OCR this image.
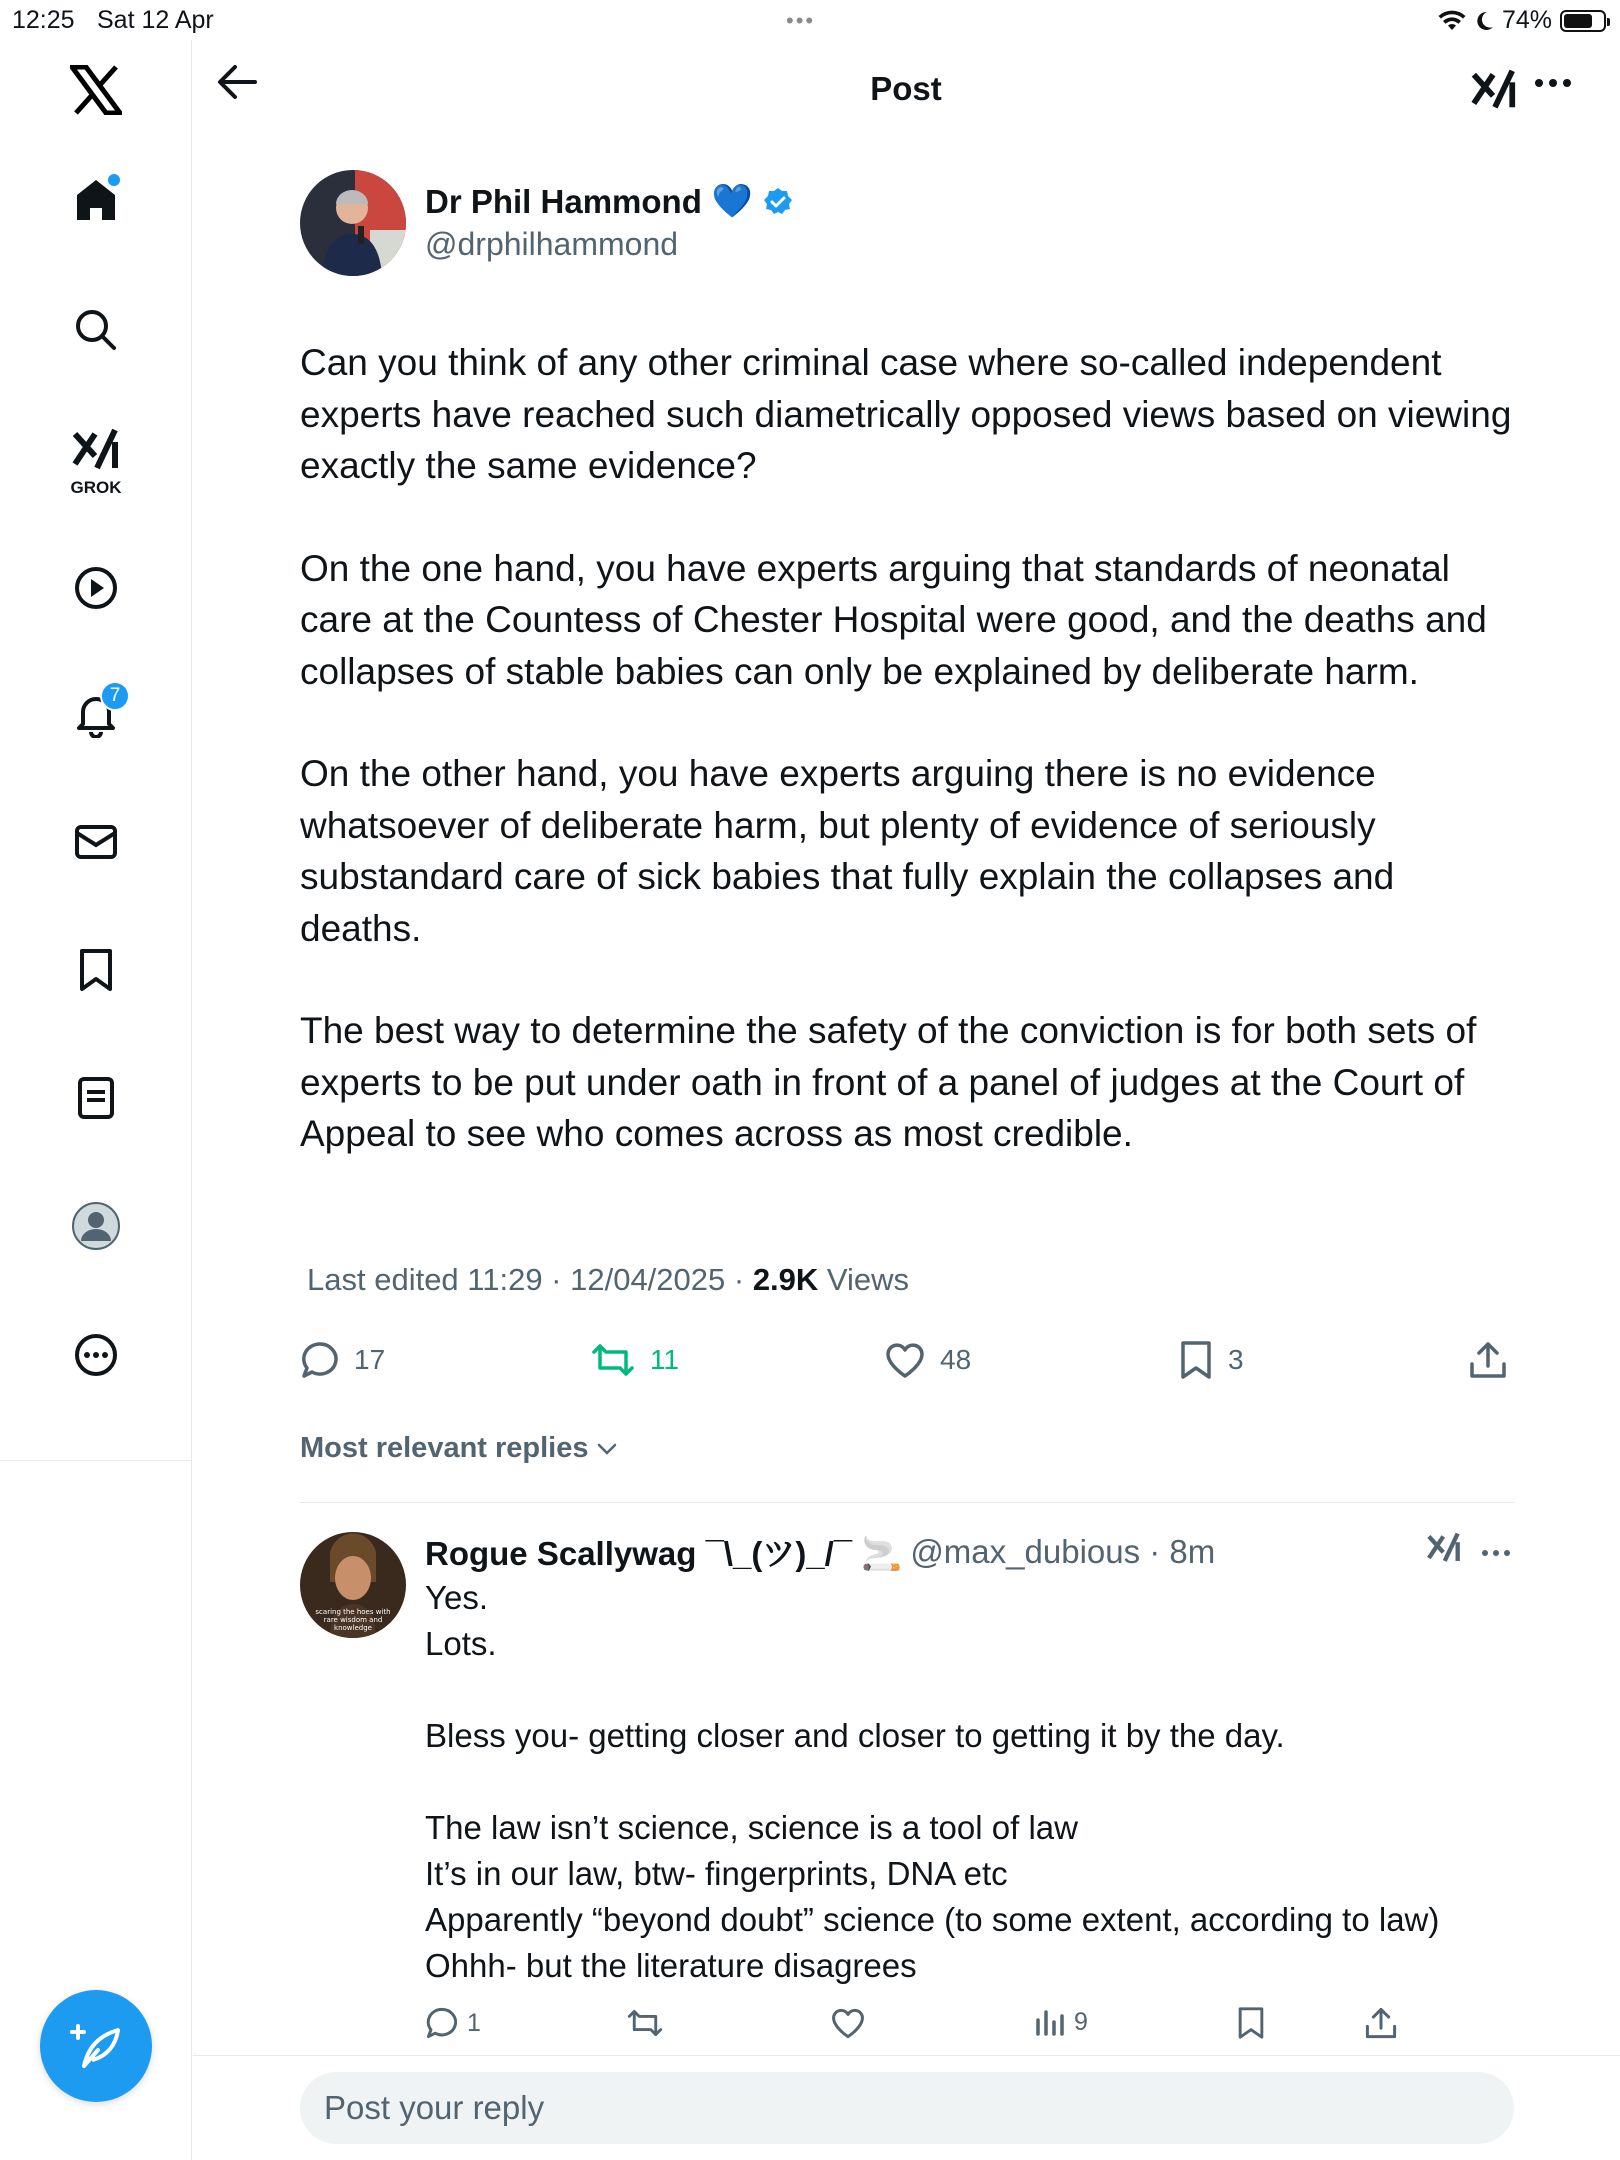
12:25 Sat 12 Apr	•••	74%
GROK
7
Post
Dr Phil Hammond 💙
@drphilhammond

Can you think of any other criminal case where so-called independent experts have reached such diametrically opposed views based on viewing exactly the same evidence?

On the one hand, you have experts arguing that standards of neonatal care at the Countess of Chester Hospital were good, and the deaths and collapses of stable babies can only be explained by deliberate harm.

On the other hand, you have experts arguing there is no evidence whatsoever of deliberate harm, but plenty of evidence of seriously substandard care of sick babies that fully explain the collapses and deaths.

The best way to determine the safety of the conviction is for both sets of experts to be put under oath in front of a panel of judges at the Court of Appeal to see who comes across as most credible.

Last edited 11:29 · 12/04/2025 · 2.9K Views
17	11	48	3
Most relevant replies
scaring the hoes with
rare wisdom and
knowledge
Rogue Scallywag ¯\_(ツ)_/¯ 🚬 @max_dubious · 8m
Yes.
Lots.
Bless you- getting closer and closer to getting it by the day.
The law isn’t science, science is a tool of law
It’s in our law, btw- fingerprints, DNA etc
Apparently “beyond doubt” science (to some extent, according to law)
Ohhh- but the literature disagrees
1	9
Post your reply
